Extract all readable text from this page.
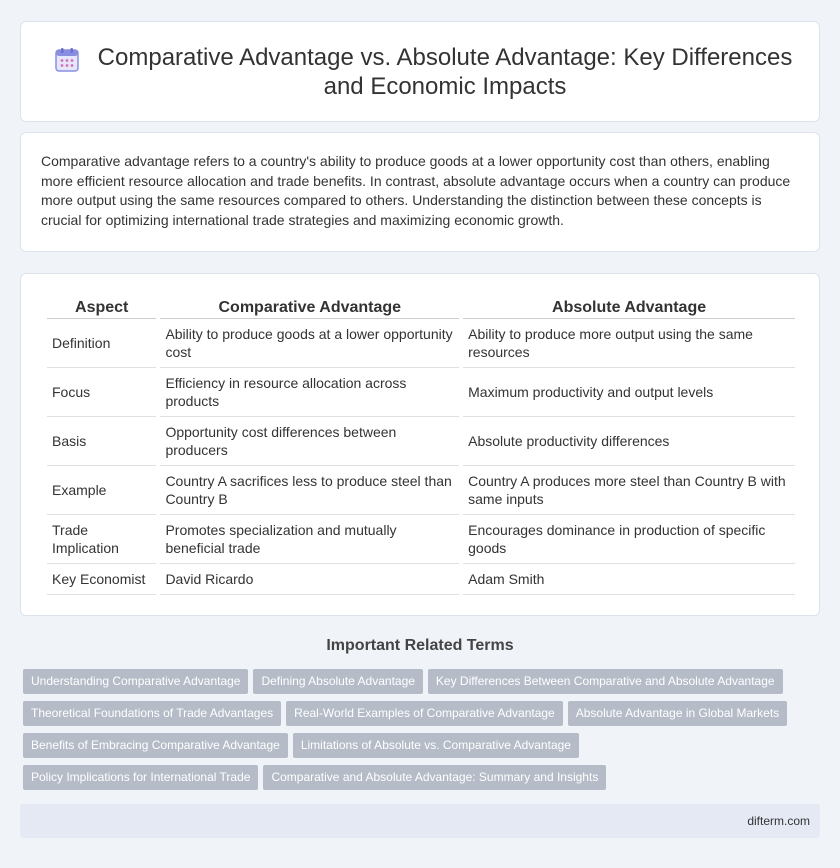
Comparative Advantage vs. Absolute Advantage: Key Differences and Economic Impacts

Comparative advantage refers to a country's ability to produce goods at a lower opportunity cost than others, enabling more efficient resource allocation and trade benefits. In contrast, absolute advantage occurs when a country can produce more output using the same resources compared to others. Understanding the distinction between these concepts is crucial for optimizing international trade strategies and maximizing economic growth.

Aspect	Comparative Advantage	Absolute Advantage
Definition	Ability to produce goods at a lower opportunity cost	Ability to produce more output using the same resources
Focus	Efficiency in resource allocation across products	Maximum productivity and output levels
Basis	Opportunity cost differences between producers	Absolute productivity differences
Example	Country A sacrifices less to produce steel than Country B	Country A produces more steel than Country B with same inputs
Trade Implication	Promotes specialization and mutually beneficial trade	Encourages dominance in production of specific goods
Key Economist	David Ricardo	Adam Smith
Important Related Terms
Understanding Comparative Advantage Defining Absolute Advantage Key Differences Between Comparative and Absolute Advantage
Theoretical Foundations of Trade Advantages Real-World Examples of Comparative Advantage Absolute Advantage in Global Markets
Benefits of Embracing Comparative Advantage Limitations of Absolute vs. Comparative Advantage
Policy Implications for International Trade Comparative and Absolute Advantage: Summary and Insights
difterm.com
